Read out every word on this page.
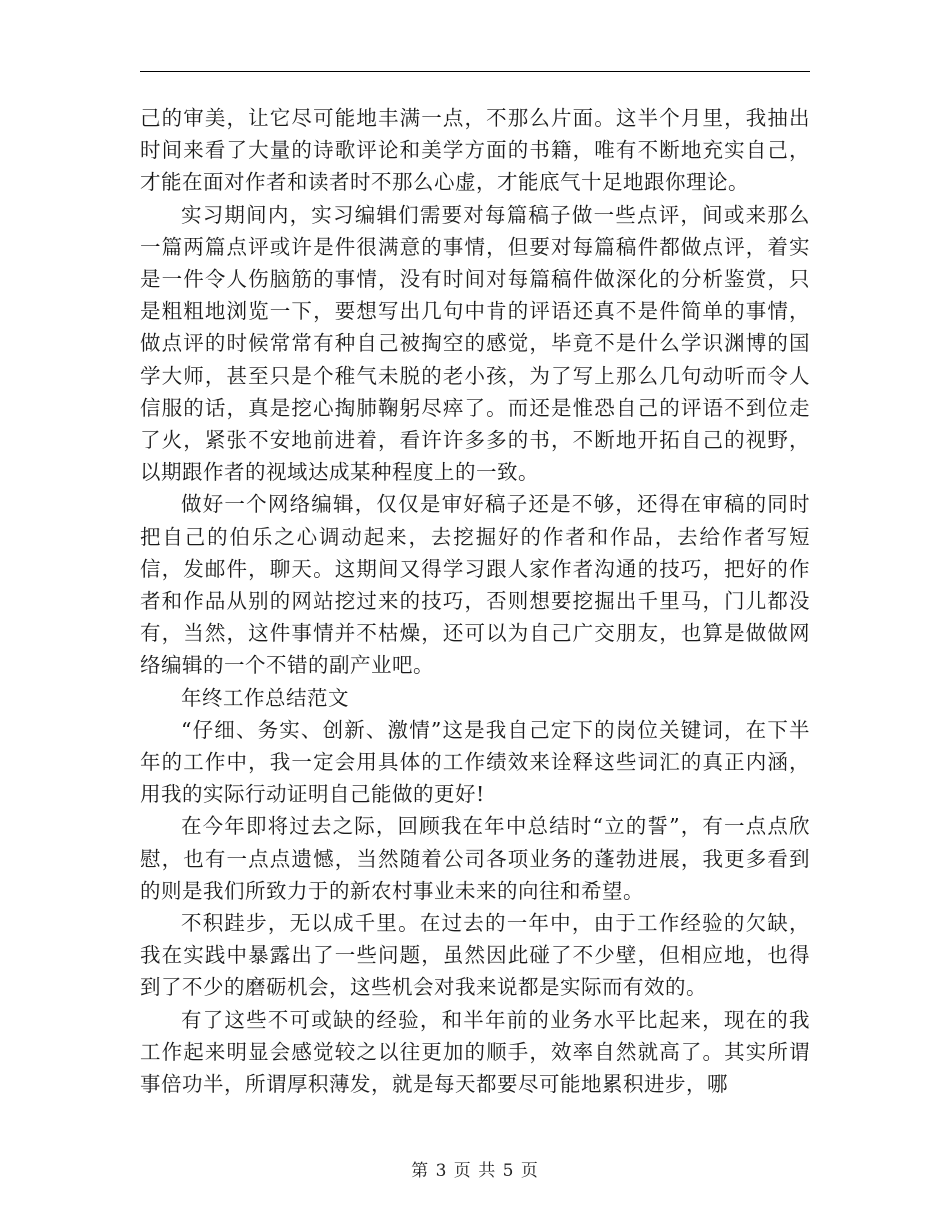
己的审美，让它尽可能地丰满一点，不那么片面。这半个月里，我抽出时间来看了大量的诗歌评论和美学方面的书籍，唯有不断地充实自己，才能在面对作者和读者时不那么心虚，才能底气十足地跟你理论。

实习期间内，实习编辑们需要对每篇稿子做一些点评，间或来那么一篇两篇点评或许是件很满意的事情，但要对每篇稿件都做点评，着实是一件令人伤脑筋的事情，没有时间对每篇稿件做深化的分析鉴赏，只是粗粗地浏览一下，要想写出几句中肯的评语还真不是件简单的事情，做点评的时候常常有种自己被掏空的感觉，毕竟不是什么学识渊博的国学大师，甚至只是个稚气未脱的老小孩，为了写上那么几句动听而令人信服的话，真是挖心掏肺鞠躬尽瘁了。而还是惟恐自己的评语不到位走了火，紧张不安地前进着，看许许多多的书，不断地开拓自己的视野，以期跟作者的视域达成某种程度上的一致。

做好一个网络编辑，仅仅是审好稿子还是不够，还得在审稿的同时把自己的伯乐之心调动起来，去挖掘好的作者和作品，去给作者写短信，发邮件，聊天。这期间又得学习跟人家作者沟通的技巧，把好的作者和作品从别的网站挖过来的技巧，否则想要挖掘出千里马，门儿都没有，当然，这件事情并不枯燥，还可以为自己广交朋友，也算是做做网络编辑的一个不错的副产业吧。

年终工作总结范文

“仔细、务实、创新、激情”这是我自己定下的岗位关键词，在下半年的工作中，我一定会用具体的工作绩效来诠释这些词汇的真正内涵，用我的实际行动证明自己能做的更好!

在今年即将过去之际，回顾我在年中总结时“立的誓”，有一点点欣慰，也有一点点遗憾，当然随着公司各项业务的蓬勃进展，我更多看到的则是我们所致力于的新农村事业未来的向往和希望。

不积跬步，无以成千里。在过去的一年中，由于工作经验的欠缺，我在实践中暴露出了一些问题，虽然因此碰了不少壁，但相应地，也得到了不少的磨砺机会，这些机会对我来说都是实际而有效的。

有了这些不可或缺的经验，和半年前的业务水平比起来，现在的我工作起来明显会感觉较之以往更加的顺手，效率自然就高了。其实所谓事倍功半，所谓厚积薄发，就是每天都要尽可能地累积进步，哪

第 3 页 共 5 页
